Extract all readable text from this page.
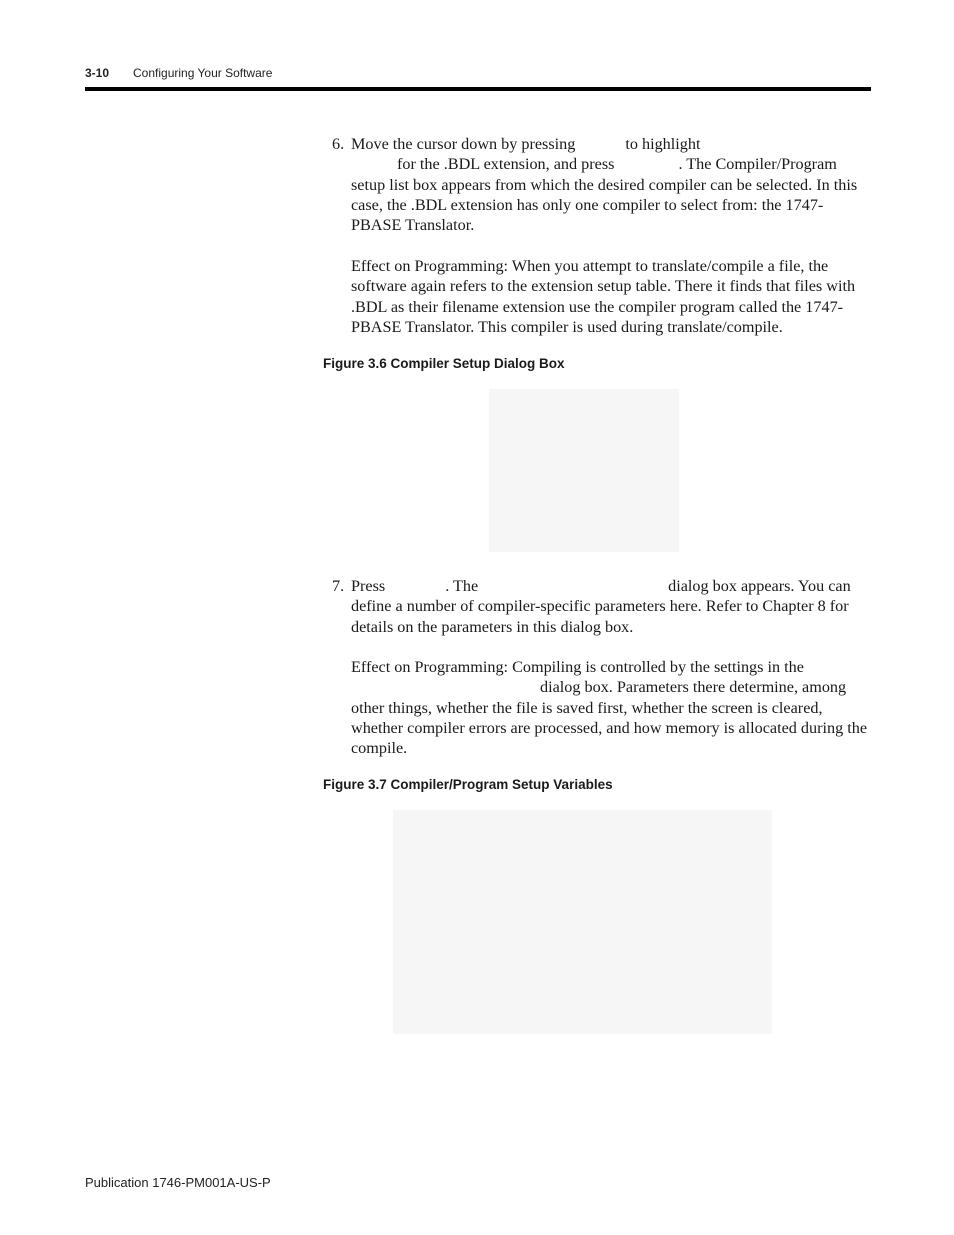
3-10 Configuring Your Software
6. Move the cursor down by pressing	to highlight
for the .BDL extension, and press	. The Compiler/Program setup list box appears from which the desired compiler can be selected. In this case, the .BDL extension has only one compiler to select from: the 1747-PBASE Translator.

Effect on Programming: When you attempt to translate/compile a file, the software again refers to the extension setup table. There it finds that files with .BDL as their filename extension use the compiler program called the 1747-PBASE Translator. This compiler is used during translate/compile.

Figure 3.6 Compiler Setup Dialog Box
7. Press	. The	dialog box appears. You can define a number of compiler-specific parameters here. Refer to Chapter 8 for details on the parameters in this dialog box.
Effect on Programming: Compiling is controlled by the settings in the
dialog box. Parameters there determine, among other things, whether the file is saved first, whether the screen is cleared, whether compiler errors are processed, and how memory is allocated during the compile.
Figure 3.7 Compiler/Program Setup Variables
Publication 1746-PM001A-US-P
